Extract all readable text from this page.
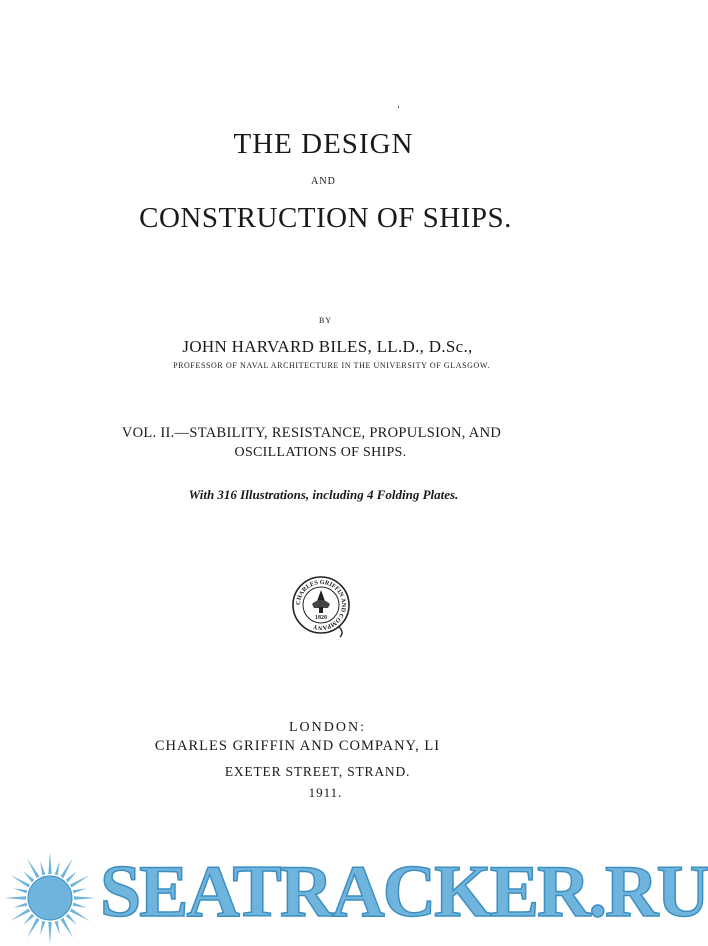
THE DESIGN
AND
CONSTRUCTION OF SHIPS.
BY
JOHN HARVARD BILES, LL.D., D.Sc.,
PROFESSOR OF NAVAL ARCHITECTURE IN THE UNIVERSITY OF GLASGOW.
VOL. II.—STABILITY, RESISTANCE, PROPULSION, AND
OSCILLATIONS OF SHIPS.
With 316 Illustrations, including 4 Folding Plates.
CHARLES GRIFFIN AND COMPANY
1820
LONDON:
CHARLES GRIFFIN AND COMPANY, LI
EXETER STREET, STRAND.
1911.
SEATRACKER.RU
